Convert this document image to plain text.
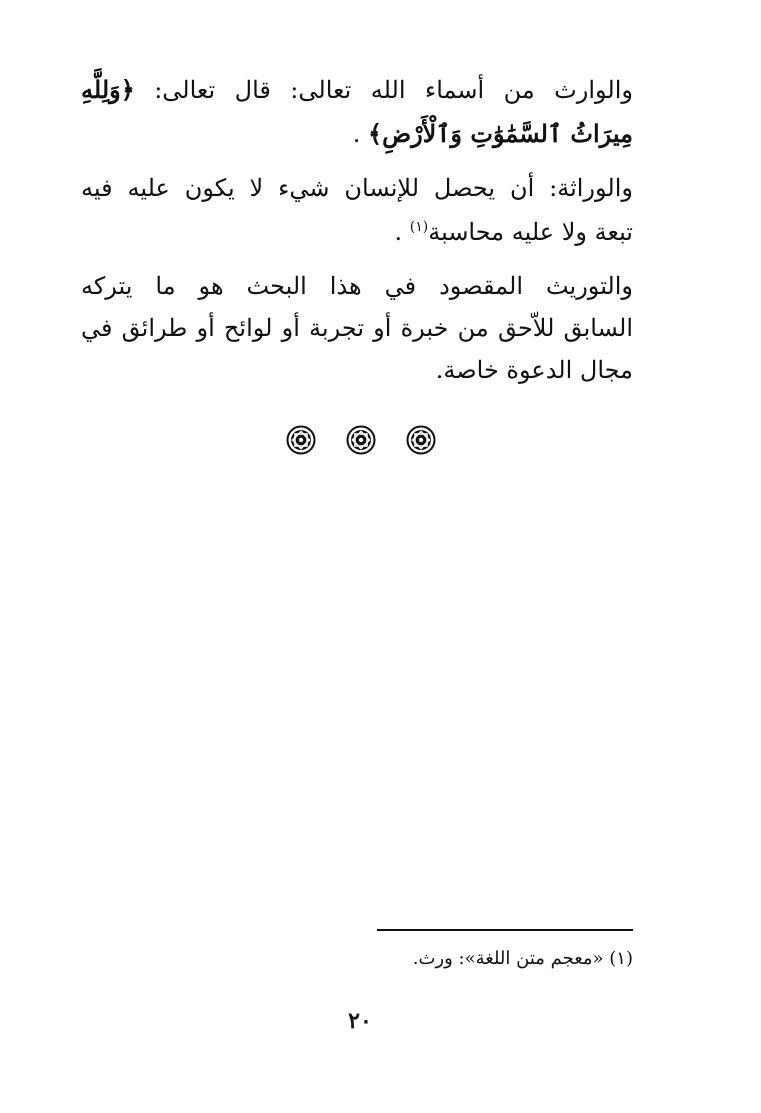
والوارث من أسماء الله تعالى: قال تعالى: ﴿وَلِلَّهِ
مِيرَاثُ ٱلسَّمَٰوَٰتِ وَٱلْأَرْضِ﴾ .
والوراثة: أن يحصل للإنسان شيء لا يكون عليه فيه
تبعة ولا عليه محاسبة$^{(١)}$ .
والتوريث المقصود في هذا البحث هو ما يتركه
السابق للاّحق من خبرة أو تجربة أو لوائح أو طرائق في
مجال الدعوة خاصة.
(١) «معجم متن اللغة»: ورث.
٢٠
